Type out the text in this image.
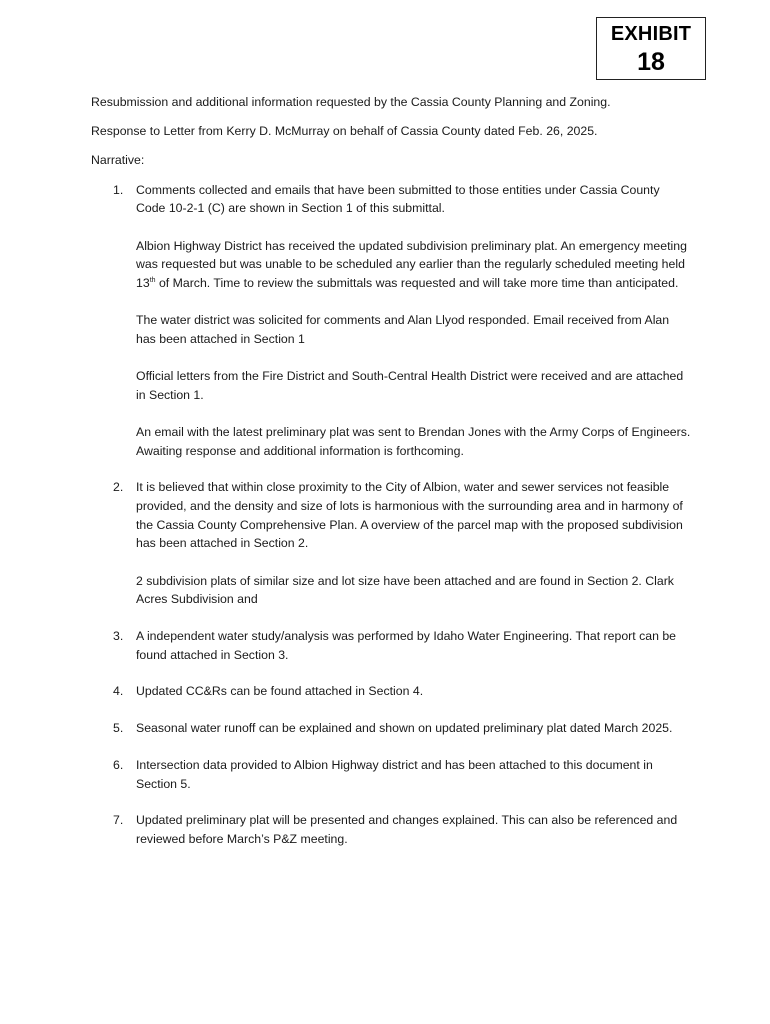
EXHIBIT
18

Resubmission and additional information requested by the Cassia County Planning and Zoning.

Response to Letter from Kerry D. McMurray on behalf of Cassia County dated Feb. 26, 2025.

Narrative:

1. Comments collected and emails that have been submitted to those entities under Cassia County Code 10-2-1 (C) are shown in Section 1 of this submittal.

Albion Highway District has received the updated subdivision preliminary plat. An emergency meeting was requested but was unable to be scheduled any earlier than the regularly scheduled meeting held 13th of March. Time to review the submittals was requested and will take more time than anticipated.

The water district was solicited for comments and Alan Llyod responded. Email received from Alan has been attached in Section 1

Official letters from the Fire District and South-Central Health District were received and are attached in Section 1.

An email with the latest preliminary plat was sent to Brendan Jones with the Army Corps of Engineers. Awaiting response and additional information is forthcoming.

2. It is believed that within close proximity to the City of Albion, water and sewer services not feasible provided, and the density and size of lots is harmonious with the surrounding area and in harmony of the Cassia County Comprehensive Plan. A overview of the parcel map with the proposed subdivision has been attached in Section 2.

2 subdivision plats of similar size and lot size have been attached and are found in Section 2. Clark Acres Subdivision and

3. A independent water study/analysis was performed by Idaho Water Engineering. That report can be found attached in Section 3.
4. Updated CC&Rs can be found attached in Section 4.
5. Seasonal water runoff can be explained and shown on updated preliminary plat dated March 2025.
6. Intersection data provided to Albion Highway district and has been attached to this document in Section 5.
7. Updated preliminary plat will be presented and changes explained. This can also be referenced and reviewed before March’s P&Z meeting.
